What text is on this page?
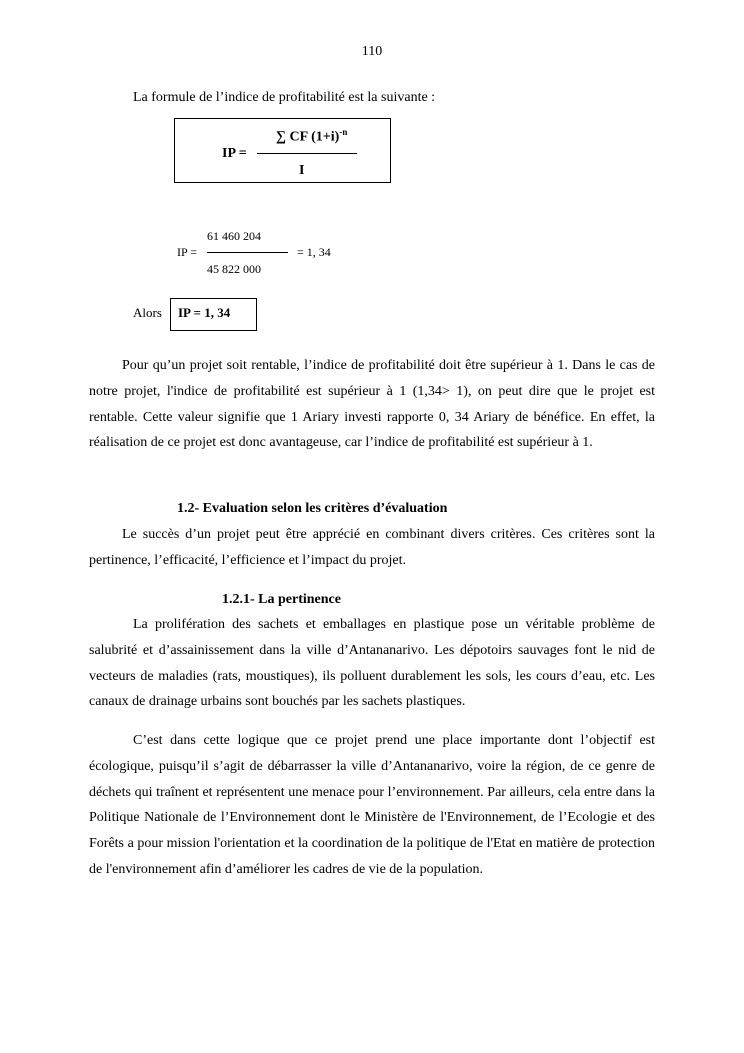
110
La formule de l’indice de profitabilité est la suivante :
∑ CF $(1+i)^{-n}$
IP =
I
61 460 204
IP =	= 1, 34
45 822 000
Alors	IP = 1, 34
Pour qu’un projet soit rentable, l’indice de profitabilité doit être supérieur à 1. Dans le cas de notre projet, l'indice de profitabilité est supérieur à 1 (1,34> 1), on peut dire que le projet est rentable. Cette valeur signifie que 1 Ariary investi rapporte 0, 34 Ariary de bénéfice. En effet, la réalisation de ce projet est donc avantageuse, car l’indice de profitabilité est supérieur à 1.
1.2- Evaluation selon les critères d’évaluation
Le succès d’un projet peut être apprécié en combinant divers critères. Ces critères sont la pertinence, l’efficacité, l’efficience et l’impact du projet.
1.2.1- La pertinence
La prolifération des sachets et emballages en plastique pose un véritable problème de salubrité et d’assainissement dans la ville d’Antananarivo. Les dépotoirs sauvages font le nid de vecteurs de maladies (rats, moustiques), ils polluent durablement les sols, les cours d’eau, etc. Les canaux de drainage urbains sont bouchés par les sachets plastiques.
C’est dans cette logique que ce projet prend une place importante dont l’objectif est écologique, puisqu’il s’agit de débarrasser la ville d’Antananarivo, voire la région, de ce genre de déchets qui traînent et représentent une menace pour l’environnement. Par ailleurs, cela entre dans la Politique Nationale de l’Environnement dont le Ministère de l'Environnement, de l’Ecologie et des Forêts a pour mission l'orientation et la coordination de la politique de l'Etat en matière de protection de l'environnement afin d’améliorer les cadres de vie de la population.
